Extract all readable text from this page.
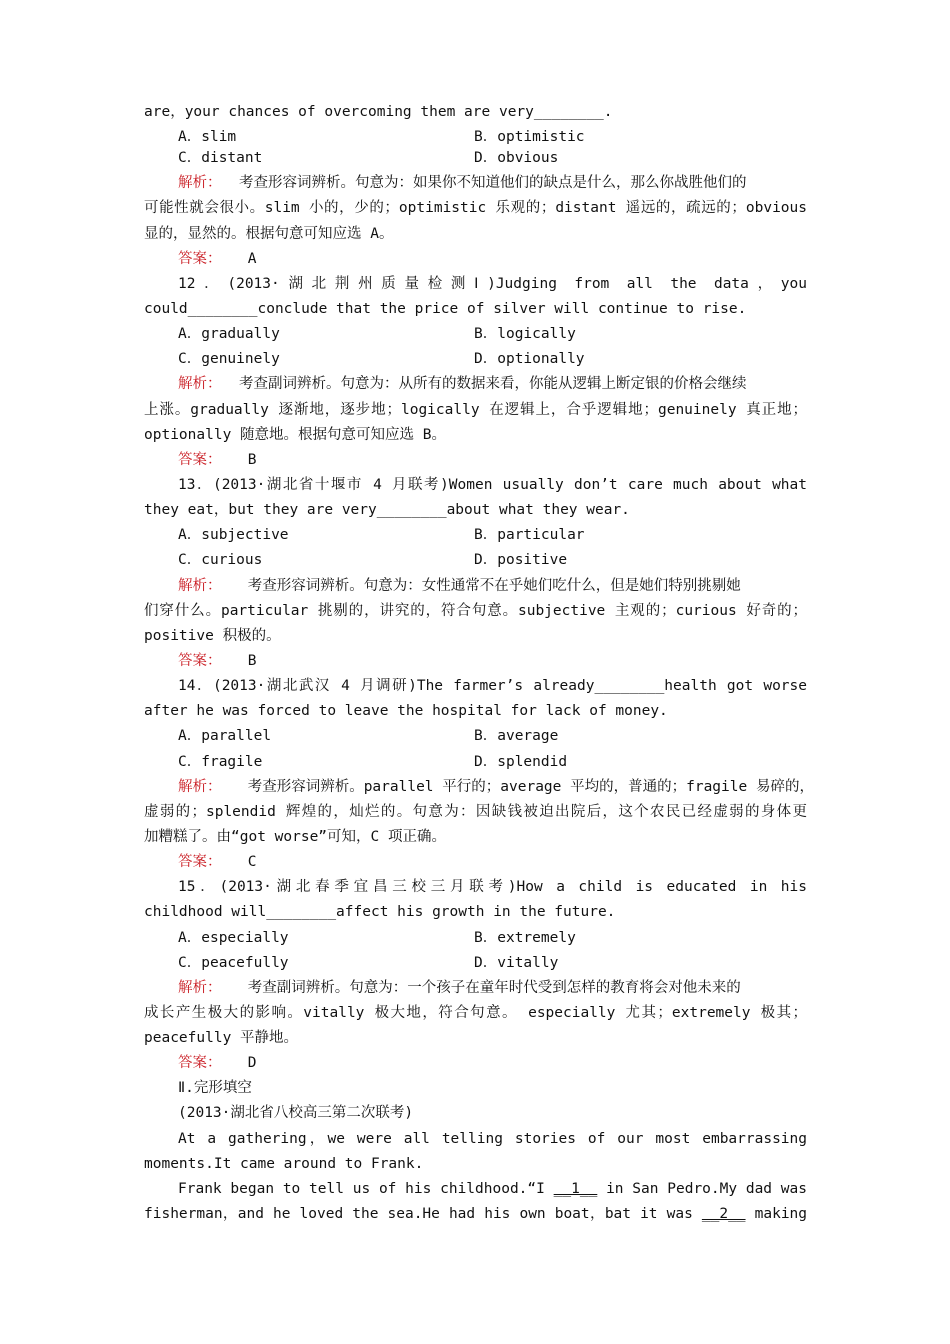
are，your chances of overcoming them are very________.
A．slim	B．optimistic
C．distant	D．obvious
解析： 考查形容词辨析。句意为：如果你不知道他们的缺点是什么，那么你战胜他们的
可能性就会很小。slim 小的，少的；optimistic 乐观的；distant 遥远的，疏远的；obvious
显的，显然的。根据句意可知应选 A。
答案： A
12．(2013·湖北荆州质量检测Ⅰ)Judging from all the data，you
could________conclude that the price of silver will continue to rise.
A．gradually	B．logically
C．genuinely	D．optionally
解析： 考查副词辨析。句意为：从所有的数据来看，你能从逻辑上断定银的价格会继续
上涨。gradually 逐渐地，逐步地；logically 在逻辑上，合乎逻辑地；genuinely 真正地；
optionally 随意地。根据句意可知应选 B。
答案： B
13．(2013·湖北省十堰市 4 月联考)Women usually don’t care much about what
they eat，but they are very________about what they wear.
A．subjective	B．particular
C．curious	D．positive
解析： 考查形容词辨析。句意为：女性通常不在乎她们吃什么，但是她们特别挑剔她
们穿什么。particular 挑剔的，讲究的，符合句意。subjective 主观的；curious 好奇的；
positive 积极的。
答案： B
14．(2013·湖北武汉 4 月调研)The farmer’s already________health got worse
after he was forced to leave the hospital for lack of money.
A．parallel	B．average
C．fragile	D．splendid
解析： 考查形容词辨析。parallel 平行的；average 平均的，普通的；fragile 易碎的，
虚弱的；splendid 辉煌的，灿烂的。句意为：因缺钱被迫出院后，这个农民已经虚弱的身体更
加糟糕了。由“got worse”可知，C 项正确。
答案： C
15．(2013·湖北春季宜昌三校三月联考)How a child is educated in his
childhood will________affect his growth in the future.
A．especially	B．extremely
C．peacefully	D．vitally
解析： 考查副词辨析。句意为：一个孩子在童年时代受到怎样的教育将会对他未来的
成长产生极大的影响。vitally 极大地，符合句意。 especially 尤其；extremely 极其；
peacefully 平静地。
答案： D
Ⅱ.完形填空
(2013·湖北省八校高三第二次联考)
At a gathering，we were all telling stories of our most embarrassing
moments.It came around to Frank.
Frank began to tell us of his childhood.“I __1__ in San Pedro.My dad was
fisherman，and he loved the sea.He had his own boat，bat it was __2__ making
